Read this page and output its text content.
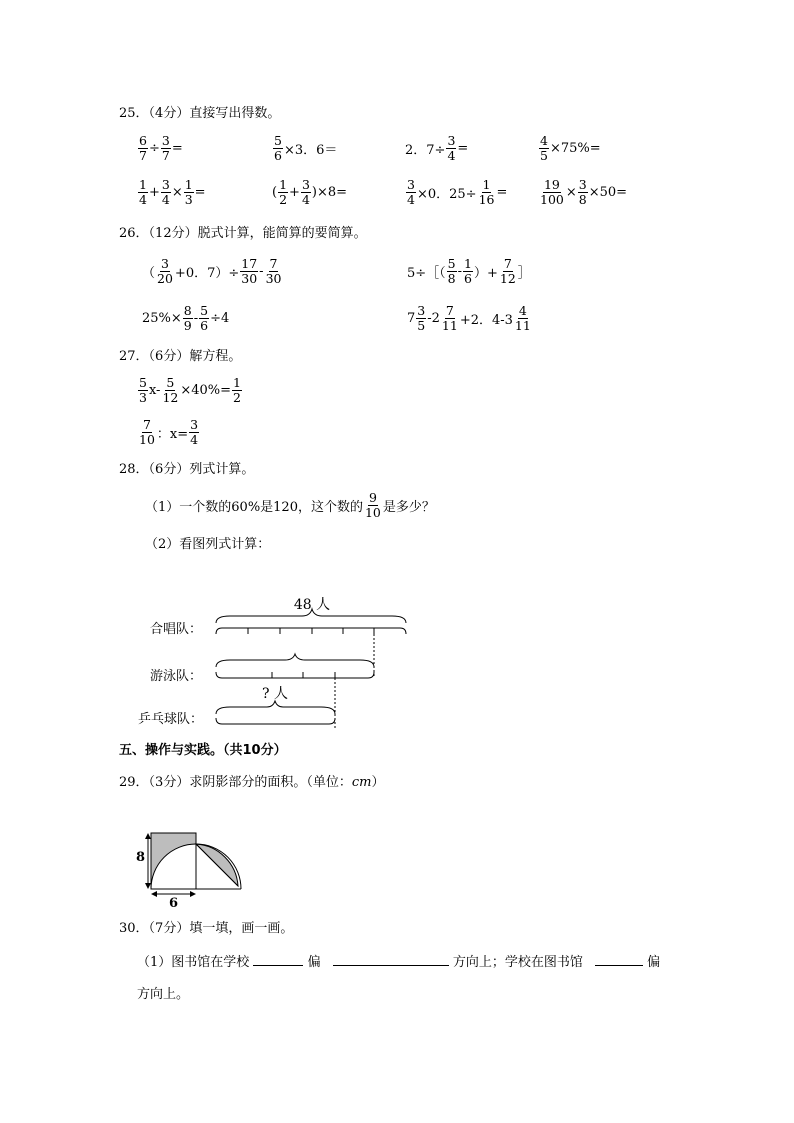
25．（4分）直接写出得数。
$\frac{6}{7} \div \frac{3}{7}$ =	$\frac{5}{6} \times 3$．6＝	2．$7\div \frac{3}{4}$ =	$\frac{4}{5} \times 75\%=$
$\frac{1}{4} + \frac{3}{4} \times \frac{1}{3}$ =	( $\frac{1}{2} + \frac{3}{4} )\times 8=$	$\frac{3}{4} \times 0$．$25\div \frac{1}{16}$ =	$\frac{19}{100} \times \frac{3}{8} \times 50=$
26．（12分）脱式计算，能简算的要简算。
（ $\frac{3}{20} +0$．$7)\div \frac{17}{30} - \frac{7}{30}$	5÷［（ $\frac{5}{8} - \frac{1}{6}$ ）+ $\frac{7}{12}$ ］
$25\%\times \frac{8}{9} - \frac{5}{6} \div 4$	$7 \frac{3}{5} -2 \frac{7}{11} +2$．$4-3 \frac{4}{11}$
27．（6分）解方程。
$\frac{5}{3} x- \frac{5}{12} \times 40\%= \frac{1}{2}$
$\frac{7}{10}$ ：$x= \frac{3}{4}$
28．（6分）列式计算。
（1）一个数的60%是120，这个数的 $\frac{9}{10}$ 是多少？
（2）看图列式计算：
48 人
合唱队：
游泳队：
? 人
乒乓球队：
五、操作与实践。（共10分）
29．（3分）求阴影部分的面积。（单位：cm）
8
6
30．（7分）填一填，画一画。
（1）图书馆在学校	偏	方向上；学校在图书馆	偏
方向上。
